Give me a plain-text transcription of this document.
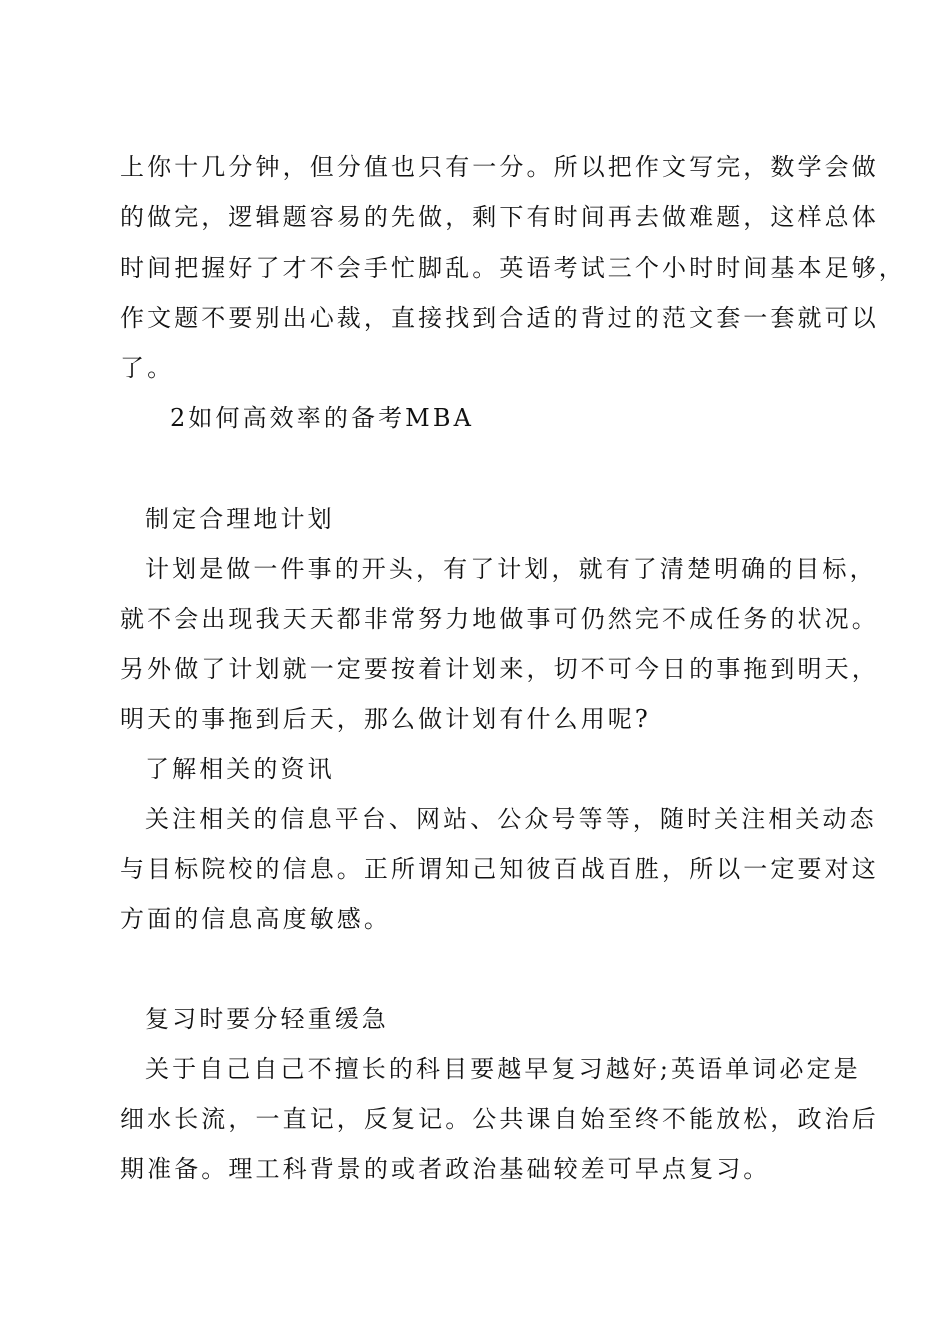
上你十几分钟，但分值也只有一分。所以把作文写完，数学会做
的做完，逻辑题容易的先做，剩下有时间再去做难题，这样总体
时间把握好了才不会手忙脚乱。英语考试三个小时时间基本足够，
作文题不要别出心裁，直接找到合适的背过的范文套一套就可以
了。
2如何高效率的备考MBA
制定合理地计划
计划是做一件事的开头，有了计划，就有了清楚明确的目标，
就不会出现我天天都非常努力地做事可仍然完不成任务的状况。
另外做了计划就一定要按着计划来，切不可今日的事拖到明天，
明天的事拖到后天，那么做计划有什么用呢?
了解相关的资讯
关注相关的信息平台、网站、公众号等等，随时关注相关动态
与目标院校的信息。正所谓知己知彼百战百胜，所以一定要对这
方面的信息高度敏感。
复习时要分轻重缓急
关于自己自己不擅长的科目要越早复习越好;英语单词必定是
细水长流，一直记，反复记。公共课自始至终不能放松，政治后
期准备。理工科背景的或者政治基础较差可早点复习。
